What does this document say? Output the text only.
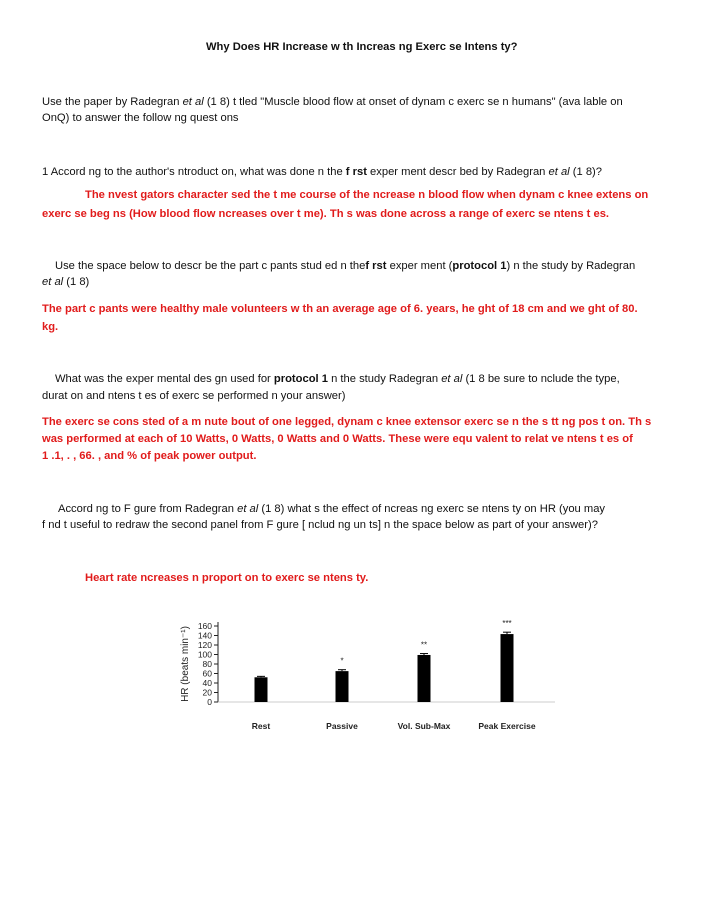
Why Does HR Increase w th Increas ng Exerc se Intens ty?
Use the paper by Radegran et al (1 8) t tled "Muscle blood flow at onset of dynam c exerc se n humans" (ava lable on
OnQ) to answer the follow ng quest ons
1 Accord ng to the author's ntroduct on, what was done n the f rst exper ment descr bed by Radegran et al (1 8)?
The nvest gators character sed the t me course of the ncrease n blood flow when dynam c knee extens on
exerc se beg ns (How blood flow ncreases over t me). Th s was done across a range of exerc se ntens t es.
Use the space below to descr be the part c pants stud ed n thef rst exper ment (protocol 1) n the study by Radegran
et al (1 8)
The part c pants were healthy male volunteers w th an average age of 6. years, he ght of 18 cm and we ght of 80.
kg.
What was the exper mental des gn used for protocol 1 n the study Radegran et al (1 8 be sure to nclude the type,
durat on and ntens t es of exerc se performed n your answer)
The exerc se cons sted of a m nute bout of one legged, dynam c knee extensor exerc se n the s tt ng pos t on. Th s
was performed at each of 10 Watts, 0 Watts, 0 Watts and 0 Watts. These were equ valent to relat ve ntens t es of
1 .1, . , 66. , and % of peak power output.
Accord ng to F gure from Radegran et al (1 8) what s the effect of ncreas ng exerc se ntens ty on HR (you may
f nd t useful to redraw the second panel from F gure [ nclud ng un ts] n the space below as part of your answer)?
Heart rate ncreases n proport on to exerc se ntens ty.
0
20
40
60
80
100
120
140
160
HR (beats min⁻¹)
Rest
*
Passive
**
Vol. Sub-Max
***
Peak Exercise
